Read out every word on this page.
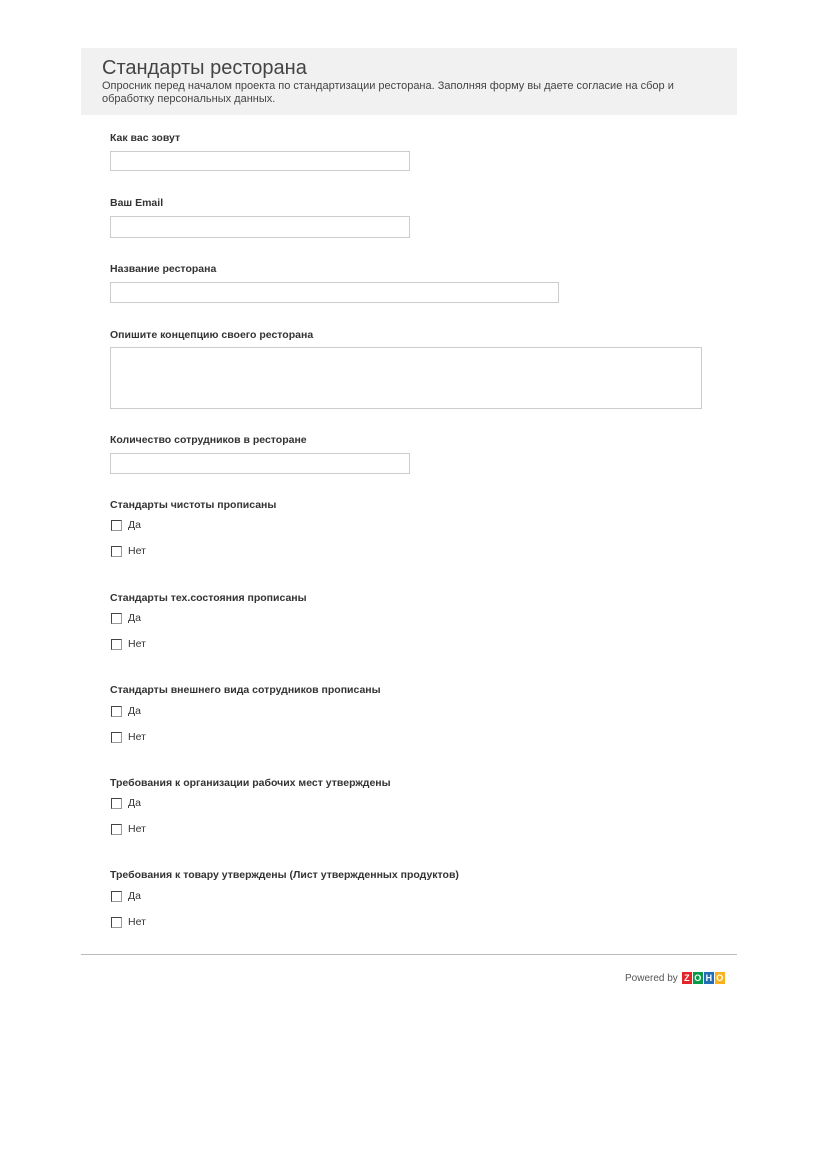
Стандарты ресторана
Опросник перед началом проекта по стандартизации ресторана. Заполняя форму вы даете согласие на сбор и обработку персональных данных.
Как вас зовут
Ваш Email
Название ресторана
Опишите концепцию своего ресторана
Количество сотрудников в ресторане
Стандарты чистоты прописаны
Да
Нет
Стандарты тех.состояния прописаны
Да
Нет
Стандарты внешнего вида сотрудников прописаны
Да
Нет
Требования к организации рабочих мест утверждены
Да
Нет
Требования к товару утверждены (Лист утвержденных продуктов)
Да
Нет
Powered by Z O H O
